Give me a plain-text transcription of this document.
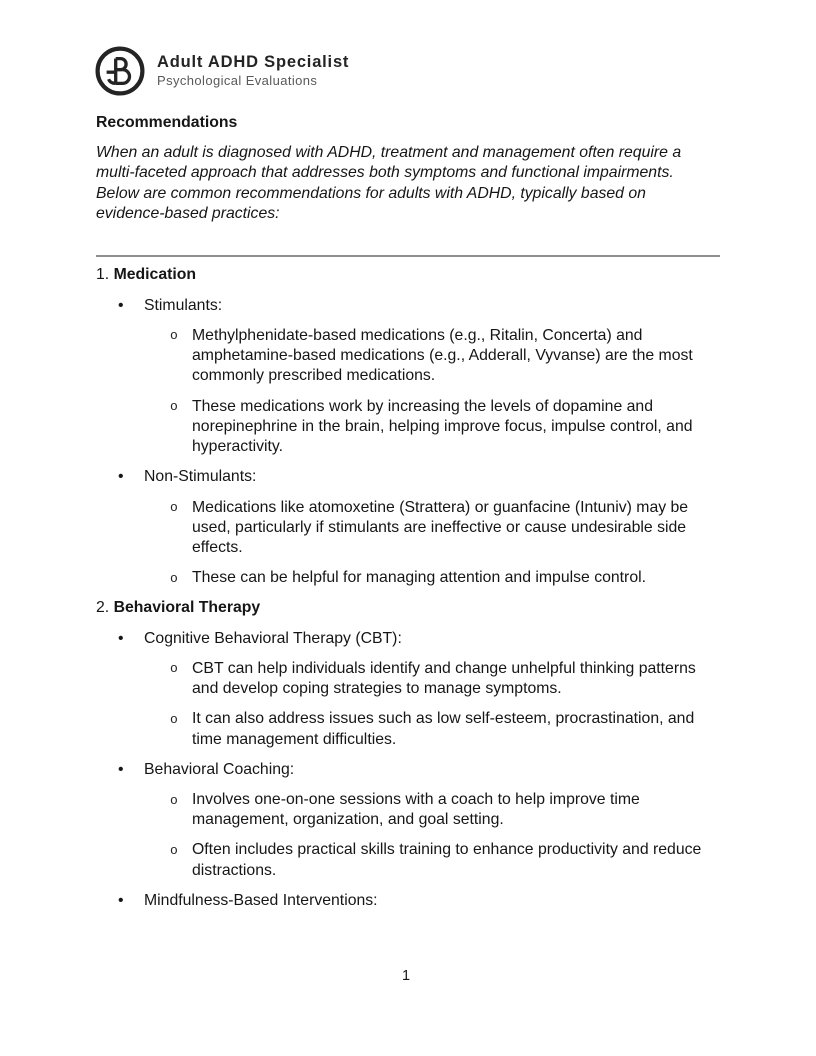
Adult ADHD Specialist
Psychological Evaluations

Recommendations

When an adult is diagnosed with ADHD, treatment and management often require a multi-faceted approach that addresses both symptoms and functional impairments. Below are common recommendations for adults with ADHD, typically based on evidence-based practices:

1. Medication

• Stimulants:

o Methylphenidate-based medications (e.g., Ritalin, Concerta) and amphetamine-based medications (e.g., Adderall, Vyvanse) are the most commonly prescribed medications.

o These medications work by increasing the levels of dopamine and norepinephrine in the brain, helping improve focus, impulse control, and hyperactivity.

• Non-Stimulants:

o Medications like atomoxetine (Strattera) or guanfacine (Intuniv) may be used, particularly if stimulants are ineffective or cause undesirable side effects.

o These can be helpful for managing attention and impulse control.

2. Behavioral Therapy

• Cognitive Behavioral Therapy (CBT):

o CBT can help individuals identify and change unhelpful thinking patterns and develop coping strategies to manage symptoms.

o It can also address issues such as low self-esteem, procrastination, and time management difficulties.

• Behavioral Coaching:

o Involves one-on-one sessions with a coach to help improve time management, organization, and goal setting.

o Often includes practical skills training to enhance productivity and reduce distractions.

• Mindfulness-Based Interventions:

1
